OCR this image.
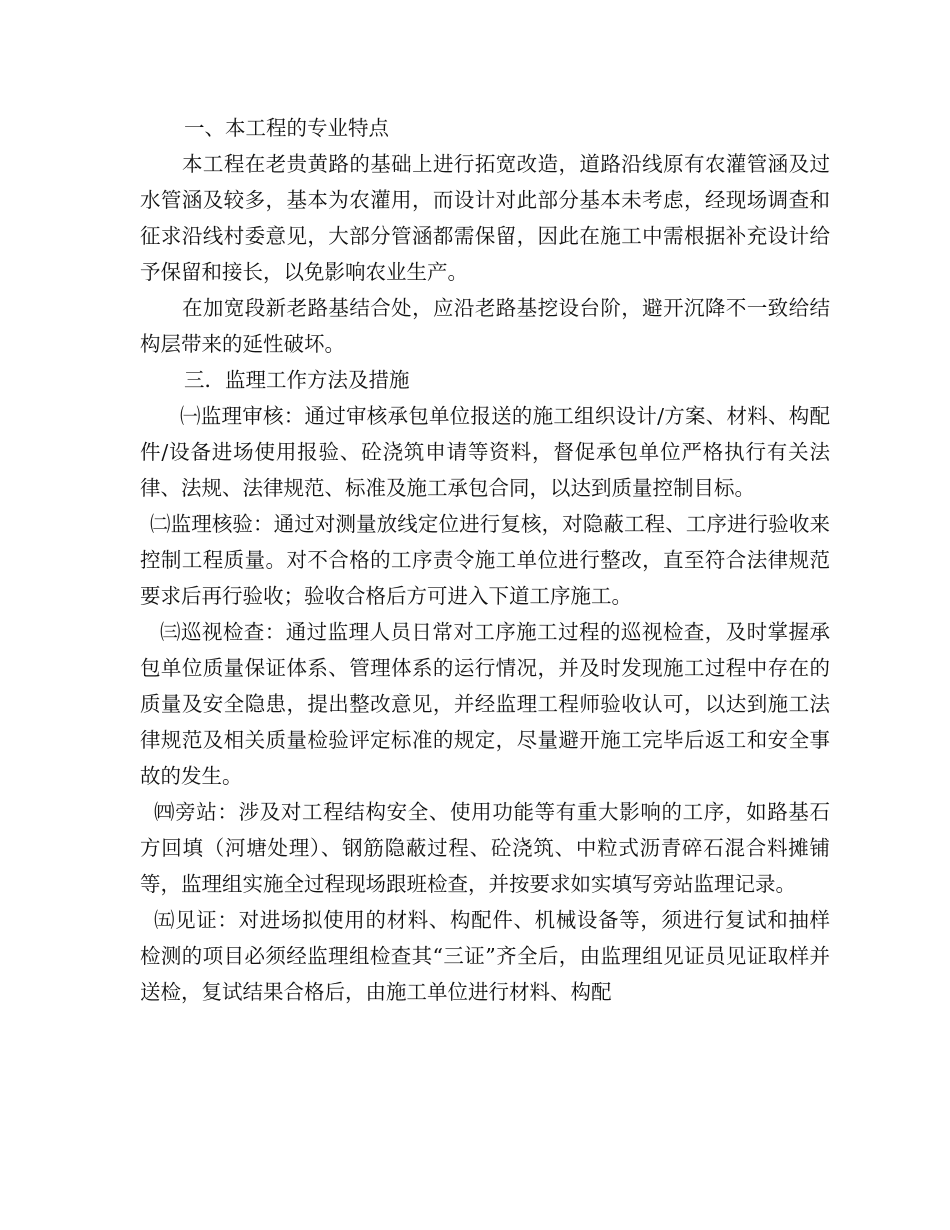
一、本工程的专业特点

本工程在老贵黄路的基础上进行拓宽改造，道路沿线原有农灌管涵及过水管涵及较多，基本为农灌用，而设计对此部分基本未考虑，经现场调查和征求沿线村委意见，大部分管涵都需保留，因此在施工中需根据补充设计给予保留和接长，以免影响农业生产。

在加宽段新老路基结合处，应沿老路基挖设台阶，避开沉降不一致给结构层带来的延性破坏。

三．监理工作方法及措施

㈠监理审核：通过审核承包单位报送的施工组织设计/方案、材料、构配件/设备进场使用报验、砼浇筑申请等资料，督促承包单位严格执行有关法律、法规、法律规范、标准及施工承包合同，以达到质量控制目标。

㈡监理核验：通过对测量放线定位进行复核，对隐蔽工程、工序进行验收来控制工程质量。对不合格的工序责令施工单位进行整改，直至符合法律规范要求后再行验收；验收合格后方可进入下道工序施工。

㈢巡视检查：通过监理人员日常对工序施工过程的巡视检查，及时掌握承包单位质量保证体系、管理体系的运行情况，并及时发现施工过程中存在的质量及安全隐患，提出整改意见，并经监理工程师验收认可，以达到施工法律规范及相关质量检验评定标准的规定，尽量避开施工完毕后返工和安全事故的发生。

㈣旁站：涉及对工程结构安全、使用功能等有重大影响的工序，如路基石方回填（河塘处理）、钢筋隐蔽过程、砼浇筑、中粒式沥青碎石混合料摊铺等，监理组实施全过程现场跟班检查，并按要求如实填写旁站监理记录。

㈤见证：对进场拟使用的材料、构配件、机械设备等，须进行复试和抽样检测的项目必须经监理组检查其“三证”齐全后，由监理组见证员见证取样并送检，复试结果合格后，由施工单位进行材料、构配
